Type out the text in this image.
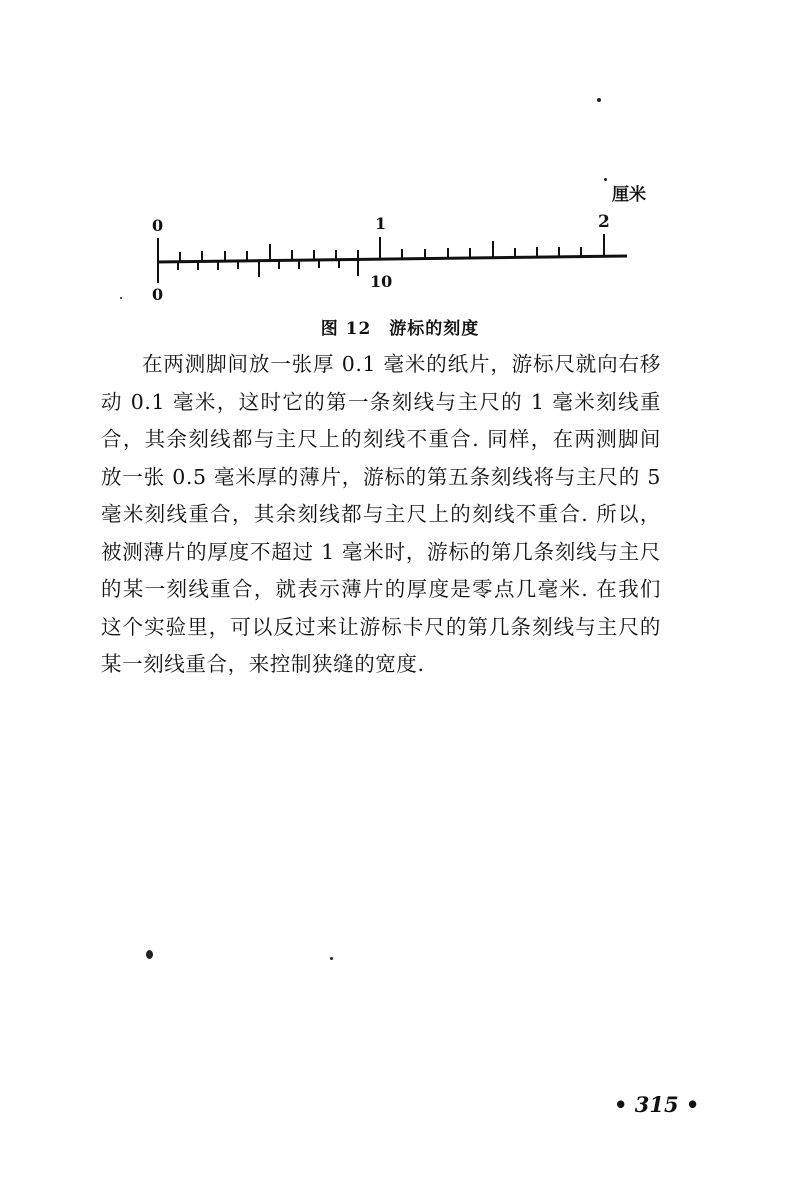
厘米
0	1	2
0
10
图 12　游标的刻度

在两测脚间放一张厚 0.1 毫米的纸片，游标尺就向右移动 0.1 毫米，这时它的第一条刻线与主尺的 1 毫米刻线重合，其余刻线都与主尺上的刻线不重合. 同样，在两测脚间放一张 0.5 毫米厚的薄片，游标的第五条刻线将与主尺的 5 毫米刻线重合，其余刻线都与主尺上的刻线不重合. 所以，被测薄片的厚度不超过 1 毫米时，游标的第几条刻线与主尺的某一刻线重合，就表示薄片的厚度是零点几毫米. 在我们这个实验里，可以反过来让游标卡尺的第几条刻线与主尺的某一刻线重合，来控制狭缝的宽度.

• 315 •
